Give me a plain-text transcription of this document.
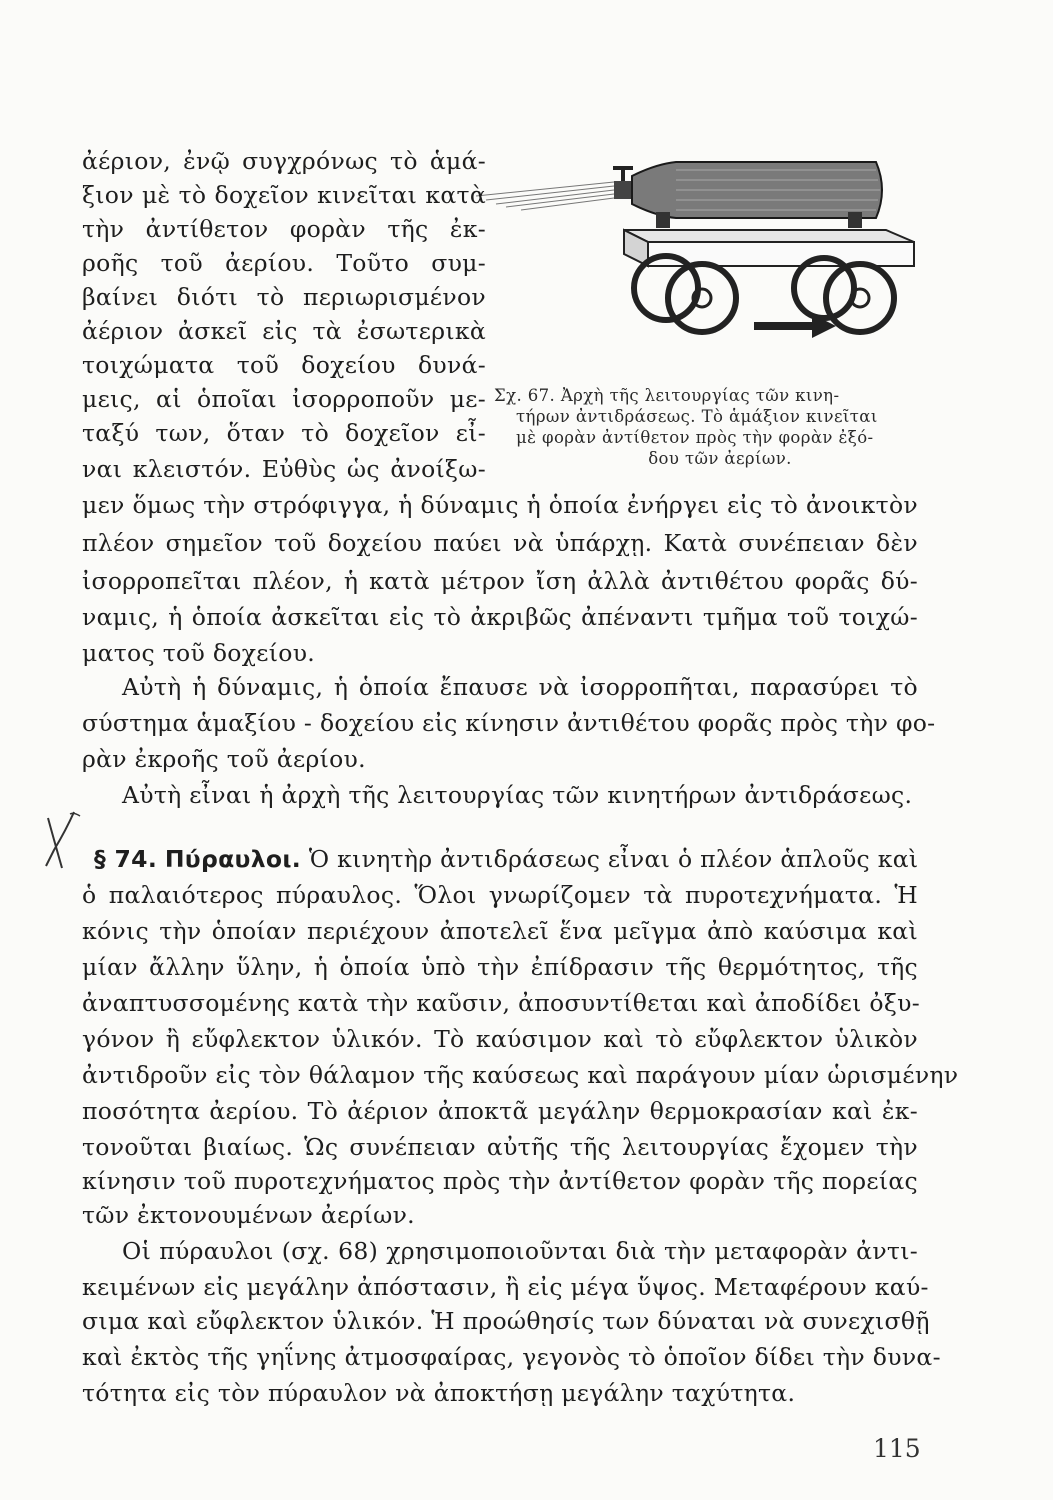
Σχ. 67. Ἀρχὴ τῆς λειτουργίας τῶν κινη-
τήρων ἀντιδράσεως. Τὸ ἁμάξιον κινεῖται
μὲ φορὰν ἀντίθετον πρὸς τὴν φορὰν ἐξό-
δου τῶν ἀερίων.
ἀέριον, ἐνῷ συγχρόνως τὸ ἁμά-
ξιον μὲ τὸ δοχεῖον κινεῖται κατὰ
τὴν ἀντίθετον φορὰν τῆς ἐκ-
ροῆς τοῦ ἀερίου. Τοῦτο συμ-
βαίνει διότι τὸ περιωρισμένον
ἀέριον ἀσκεῖ εἰς τὰ ἐσωτερικὰ
τοιχώματα τοῦ δοχείου δυνά-
μεις, αἱ ὁποῖαι ἰσορροποῦν με-
ταξύ των, ὅταν τὸ δοχεῖον εἶ-
ναι κλειστόν. Εὐθὺς ὡς ἀνοίξω-
μεν ὅμως τὴν στρόφιγγα, ἡ δύναμις ἡ ὁποία ἐνήργει εἰς τὸ ἀνοικτὸν
πλέον σημεῖον τοῦ δοχείου παύει νὰ ὑπάρχῃ. Κατὰ συνέπειαν δὲν
ἰσορροπεῖται πλέον, ἡ κατὰ μέτρον ἴση ἀλλὰ ἀντιθέτου φορᾶς δύ-
ναμις, ἡ ὁποία ἀσκεῖται εἰς τὸ ἀκριβῶς ἀπέναντι τμῆμα τοῦ τοιχώ-
ματος τοῦ δοχείου.
Αὐτὴ ἡ δύναμις, ἡ ὁποία ἔπαυσε νὰ ἰσορροπῆται, παρασύρει τὸ
σύστημα ἁμαξίου - δοχείου εἰς κίνησιν ἀντιθέτου φορᾶς πρὸς τὴν φο-
ρὰν ἐκροῆς τοῦ ἀερίου.
Αὐτὴ εἶναι ἡ ἀρχὴ τῆς λειτουργίας τῶν κινητήρων ἀντιδράσεως.
§ 74. Πύραυλοι. Ὁ κινητὴρ ἀντιδράσεως εἶναι ὁ πλέον ἁπλοῦς καὶ
ὁ παλαιότερος πύραυλος. Ὅλοι γνωρίζομεν τὰ πυροτεχνήματα. Ἡ
κόνις τὴν ὁποίαν περιέχουν ἀποτελεῖ ἕνα μεῖγμα ἀπὸ καύσιμα καὶ
μίαν ἄλλην ὕλην, ἡ ὁποία ὑπὸ τὴν ἐπίδρασιν τῆς θερμότητος, τῆς
ἀναπτυσσομένης κατὰ τὴν καῦσιν, ἀποσυντίθεται καὶ ἀποδίδει ὀξυ-
γόνον ἢ εὔφλεκτον ὑλικόν. Τὸ καύσιμον καὶ τὸ εὔφλεκτον ὑλικὸν
ἀντιδροῦν εἰς τὸν θάλαμον τῆς καύσεως καὶ παράγουν μίαν ὡρισμένην
ποσότητα ἀερίου. Τὸ ἀέριον ἀποκτᾶ μεγάλην θερμοκρασίαν καὶ ἐκ-
τονοῦται βιαίως. Ὡς συνέπειαν αὐτῆς τῆς λειτουργίας ἔχομεν τὴν
κίνησιν τοῦ πυροτεχνήματος πρὸς τὴν ἀντίθετον φορὰν τῆς πορείας
τῶν ἐκτονουμένων ἀερίων.
Οἱ πύραυλοι (σχ. 68) χρησιμοποιοῦνται διὰ τὴν μεταφορὰν ἀντι-
κειμένων εἰς μεγάλην ἀπόστασιν, ἢ εἰς μέγα ὕψος. Μεταφέρουν καύ-
σιμα καὶ εὔφλεκτον ὑλικόν. Ἡ προώθησίς των δύναται νὰ συνεχισθῇ
καὶ ἐκτὸς τῆς γηΐνης ἀτμοσφαίρας, γεγονὸς τὸ ὁποῖον δίδει τὴν δυνα-
τότητα εἰς τὸν πύραυλον νὰ ἀποκτήσῃ μεγάλην ταχύτητα.
115
